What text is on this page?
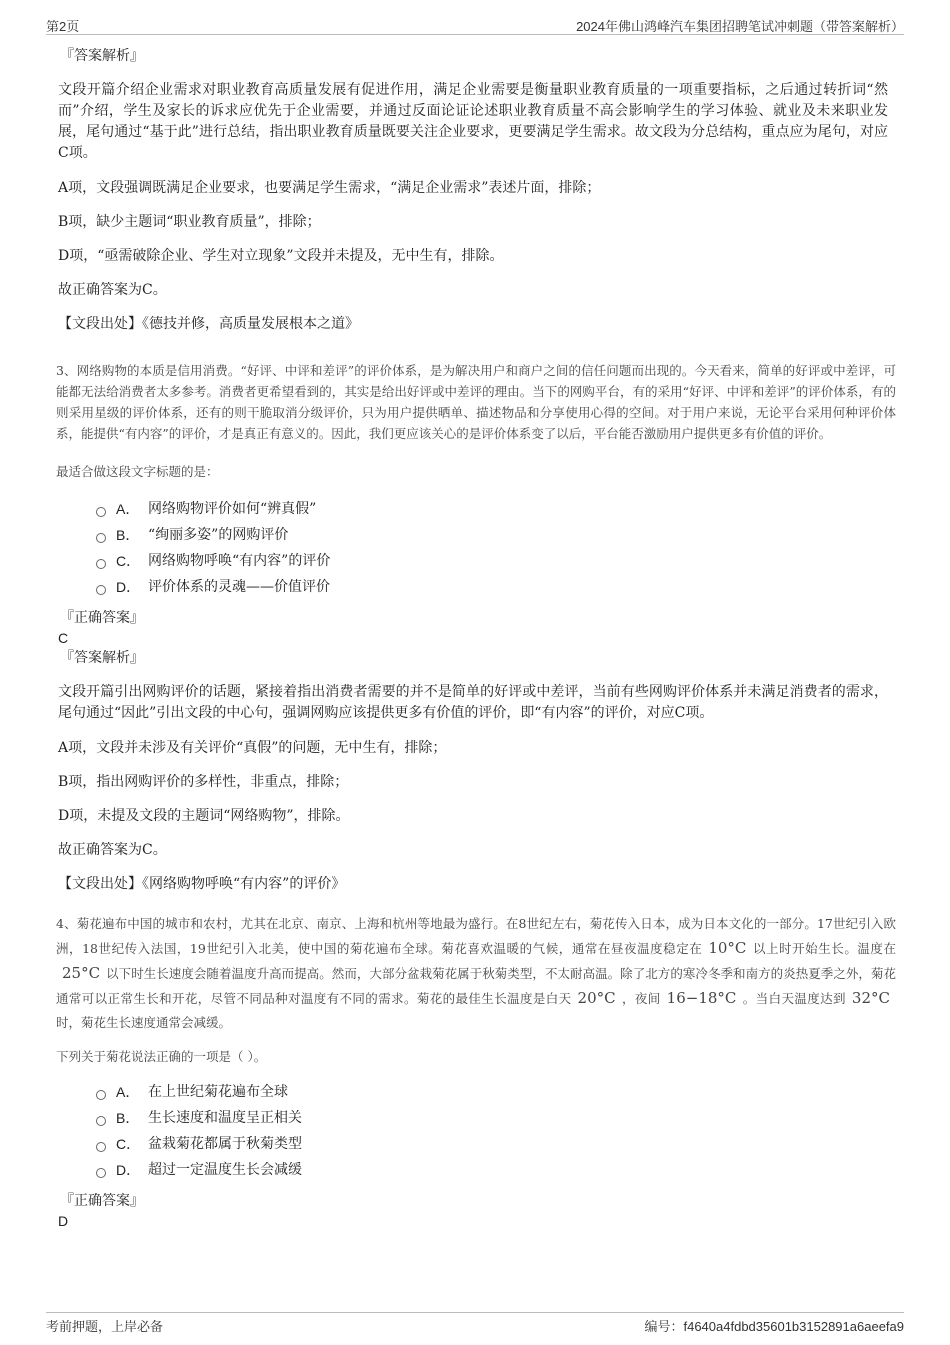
第2页	2024年佛山鸿峰汽车集团招聘笔试冲刺题（带答案解析）
『答案解析』
文段开篇介绍企业需求对职业教育高质量发展有促进作用，满足企业需要是衡量职业教育质量的一项重要指标，之后通过转折词“然而”介绍，学生及家长的诉求应优先于企业需要，并通过反面论证论述职业教育质量不高会影响学生的学习体验、就业及未来职业发展，尾句通过“基于此”进行总结，指出职业教育质量既要关注企业要求，更要满足学生需求。故文段为分总结构，重点应为尾句，对应C项。
A项，文段强调既满足企业要求，也要满足学生需求，“满足企业需求”表述片面，排除；
B项，缺少主题词“职业教育质量”，排除；
D项，“亟需破除企业、学生对立现象”文段并未提及，无中生有，排除。
故正确答案为C。
【文段出处】《德技并修，高质量发展根本之道》
3、网络购物的本质是信用消费。“好评、中评和差评”的评价体系，是为解决用户和商户之间的信任问题而出现的。今天看来，简单的好评或中差评，可能都无法给消费者太多参考。消费者更希望看到的，其实是给出好评或中差评的理由。当下的网购平台，有的采用“好评、中评和差评”的评价体系，有的则采用星级的评价体系，还有的则干脆取消分级评价，只为用户提供晒单、描述物品和分享使用心得的空间。对于用户来说，无论平台采用何种评价体系，能提供“有内容”的评价，才是真正有意义的。因此，我们更应该关心的是评价体系变了以后，平台能否激励用户提供更多有价值的评价。
最适合做这段文字标题的是：
A． 网络购物评价如何“辨真假”
B． “绚丽多姿”的网购评价
C． 网络购物呼唤“有内容”的评价
D． 评价体系的灵魂——价值评价
『正确答案』
C
『答案解析』
文段开篇引出网购评价的话题，紧接着指出消费者需要的并不是简单的好评或中差评，当前有些网购评价体系并未满足消费者的需求，尾句通过“因此”引出文段的中心句，强调网购应该提供更多有价值的评价，即“有内容”的评价，对应C项。
A项，文段并未涉及有关评价“真假”的问题，无中生有，排除；
B项，指出网购评价的多样性，非重点，排除；
D项，未提及文段的主题词“网络购物”，排除。
故正确答案为C。
【文段出处】《网络购物呼唤“有内容”的评价》
4、菊花遍布中国的城市和农村，尤其在北京、南京、上海和杭州等地最为盛行。在8世纪左右，菊花传入日本，成为日本文化的一部分。17世纪引入欧洲，18世纪传入法国，19世纪引入北美，使中国的菊花遍布全球。菊花喜欢温暖的气候，通常在昼夜温度稳定在 10°C 以上时开始生长。温度在25°C 以下时生长速度会随着温度升高而提高。然而，大部分盆栽菊花属于秋菊类型，不太耐高温。除了北方的寒冷冬季和南方的炎热夏季之外，菊花通常可以正常生长和开花，尽管不同品种对温度有不同的需求。菊花的最佳生长温度是白天 20°C ，夜间 16−18°C 。当白天温度达到 32°C时，菊花生长速度通常会减缓。
下列关于菊花说法正确的一项是（ ）。
A． 在上世纪菊花遍布全球
B． 生长速度和温度呈正相关
C． 盆栽菊花都属于秋菊类型
D． 超过一定温度生长会减缓
『正确答案』
D
考前押题，上岸必备	编号：f4640a4fdbd35601b3152891a6aeefa9
